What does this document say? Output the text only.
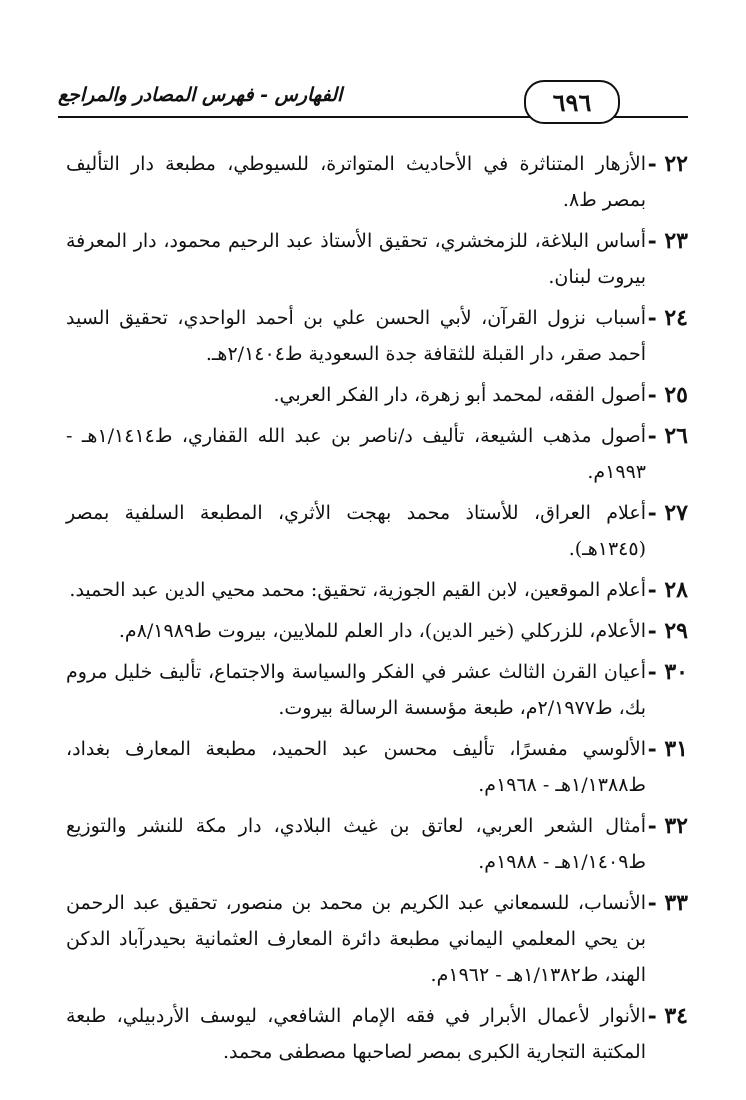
الفهارس - فهرس المصادر والمراجع	٦٩٦
٢٢ -
الأزهار المتناثرة في الأحاديث المتواترة، للسيوطي، مطبعة دار التأليف بمصر ط٨.
٢٣ -
أساس البلاغة، للزمخشري، تحقيق الأستاذ عبد الرحيم محمود، دار المعرفة بيروت لبنان.
٢٤ -
أسباب نزول القرآن، لأبي الحسن علي بن أحمد الواحدي، تحقيق السيد أحمد صقر، دار القبلة للثقافة جدة السعودية ط٢/١٤٠٤هـ.
٢٥ -
أصول الفقه، لمحمد أبو زهرة، دار الفكر العربي.
٢٦ -
أصول مذهب الشيعة، تأليف د/ناصر بن عبد الله القفاري، ط١/١٤١٤هـ - ١٩٩٣م.
٢٧ -
أعلام العراق، للأستاذ محمد بهجت الأثري، المطبعة السلفية بمصر (١٣٤٥هـ).
٢٨ -
أعلام الموقعين، لابن القيم الجوزية، تحقيق: محمد محيي الدين عبد الحميد.
٢٩ -
الأعلام، للزركلي (خير الدين)، دار العلم للملايين، بيروت ط٨/١٩٨٩م.
٣٠ -
أعيان القرن الثالث عشر في الفكر والسياسة والاجتماع، تأليف خليل مروم بك، ط٢/١٩٧٧م، طبعة مؤسسة الرسالة بيروت.
٣١ -
الألوسي مفسرًا، تأليف محسن عبد الحميد، مطبعة المعارف بغداد، ط١/١٣٨٨هـ - ١٩٦٨م.
٣٢ -
أمثال الشعر العربي، لعاتق بن غيث البلادي، دار مكة للنشر والتوزيع ط١/١٤٠٩هـ - ١٩٨٨م.
٣٣ -
الأنساب، للسمعاني عبد الكريم بن محمد بن منصور، تحقيق عبد الرحمن بن يحي المعلمي اليماني مطبعة دائرة المعارف العثمانية بحيدرآباد الدكن الهند، ط١/١٣٨٢هـ - ١٩٦٢م.
٣٤ -
الأنوار لأعمال الأبرار في فقه الإمام الشافعي، ليوسف الأردبيلي، طبعة المكتبة التجارية الكبرى بمصر لصاحبها مصطفى محمد.
